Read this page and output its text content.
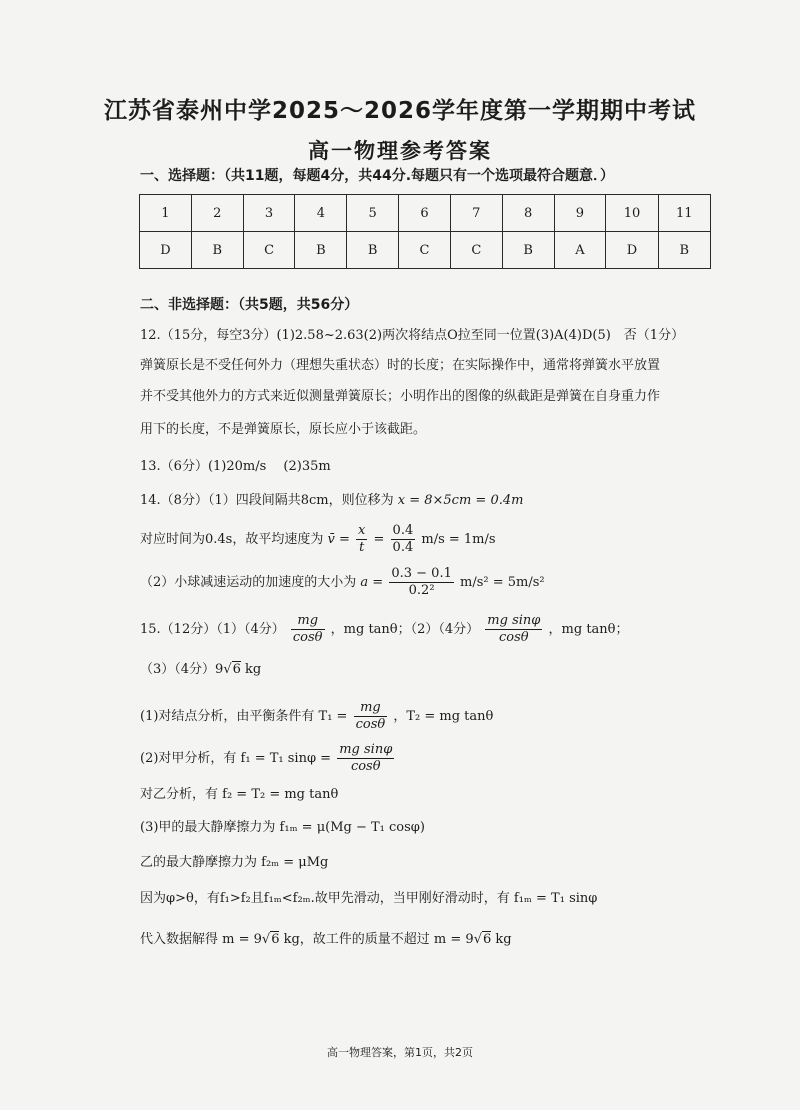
江苏省泰州中学2025～2026学年度第一学期期中考试
高一物理参考答案
一、选择题：（共11题，每题4分，共44分.每题只有一个选项最符合题意．）
1	2	3	4	5	6	7	8	9	10	11
D	B	C	B	B	C	C	B	A	D	B
二、非选择题：（共5题，共56分）
12.（15分，每空3分）(1)2.58~2.63(2)两次将结点O拉至同一位置(3)A(4)D(5)　否（1分）
弹簧原长是不受任何外力（理想失重状态）时的长度；在实际操作中，通常将弹簧水平放置
并不受其他外力的方式来近似测量弹簧原长；小明作出的图像的纵截距是弹簧在自身重力作
用下的长度，不是弹簧原长，原长应小于该截距。
13.（6分）(1)20m/s　 (2)35m
14.（8分）（1）四段间隔共8cm，则位移为 x = 8×5cm = 0.4m
对应时间为0.4s，故平均速度为 v̄ = $\frac{x}{t} = \frac{0.4}{0.4} m/s = 1m/s$
（2）小球减速运动的加速度的大小为 $a = \frac{0.3 - 0.1}{\text{0.2²}} m/s^2 = 5m/s^2$
15.（12分）（1）（4分） $\frac{mg}{\cos\theta}$ ，mg tanθ；（2）（4分） $\frac{\text{mg sinφ}}{\cos\theta}$ ，mg tanθ；
（3）（4分）9√6 kg
(1)对结点分析，由平衡条件有 $T_1 = \frac{mg}{\cos\theta}$ ，T₂ = mg tanθ
(2)对甲分析，有 f₁ = T₁ $\sin\varphi = \frac{\text{mg sinφ}}{\cos\theta}$
对乙分析，有 f₂ = T₂ = mg tanθ
(3)甲的最大静摩擦力为 f₁ₘ = μ(Mg − T₁ cosφ)
乙的最大静摩擦力为 f₂ₘ = μMg
因为φ>θ，有f₁>f₂且f₁ₘ<f₂ₘ.故甲先滑动，当甲刚好滑动时，有 f₁ₘ = T₁ sinφ
代入数据解得 m = 9√6 kg，故工件的质量不超过 m = 9√6 kg
高一物理答案，第1页，共2页
